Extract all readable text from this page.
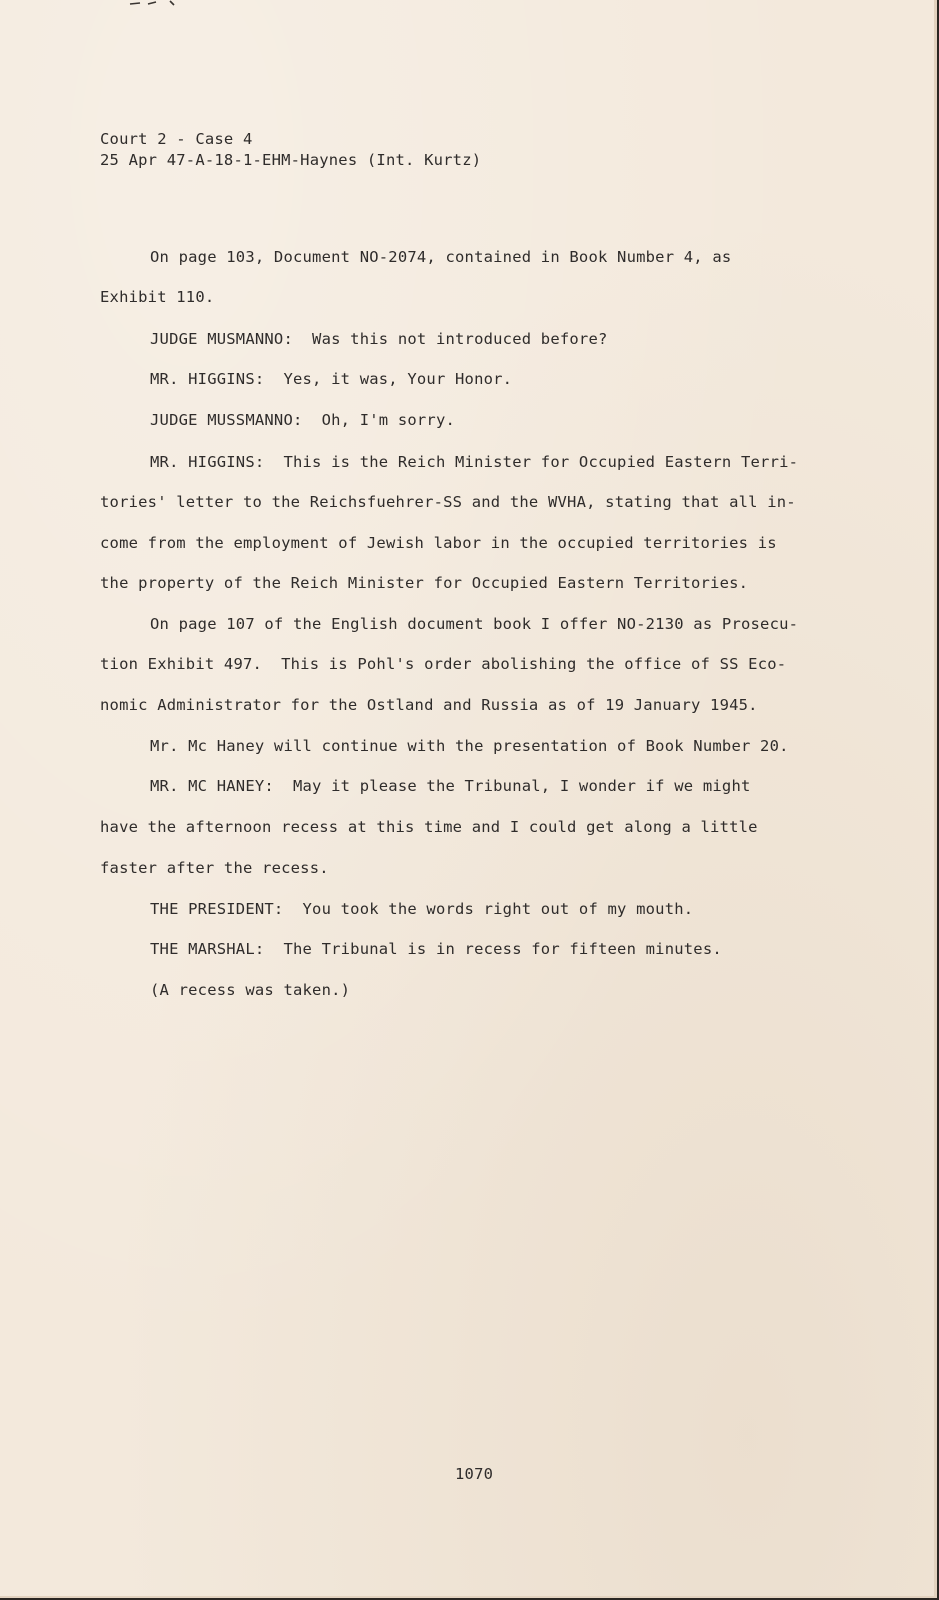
Court 2 - Case 4
25 Apr 47-A-18-1-EHM-Haynes (Int. Kurtz)
On page 103, Document NO-2074, contained in Book Number 4, as
Exhibit 110.
JUDGE MUSMANNO:  Was this not introduced before?
MR. HIGGINS:  Yes, it was, Your Honor.
JUDGE MUSSMANNO:  Oh, I'm sorry.
MR. HIGGINS:  This is the Reich Minister for Occupied Eastern Terri-
tories' letter to the Reichsfuehrer-SS and the WVHA, stating that all in-
come from the employment of Jewish labor in the occupied territories is
the property of the Reich Minister for Occupied Eastern Territories.
On page 107 of the English document book I offer NO-2130 as Prosecu-
tion Exhibit 497.  This is Pohl's order abolishing the office of SS Eco-
nomic Administrator for the Ostland and Russia as of 19 January 1945.
Mr. Mc Haney will continue with the presentation of Book Number 20.
MR. MC HANEY:  May it please the Tribunal, I wonder if we might
have the afternoon recess at this time and I could get along a little
faster after the recess.
THE PRESIDENT:  You took the words right out of my mouth.
THE MARSHAL:  The Tribunal is in recess for fifteen minutes.
(A recess was taken.)
1070
